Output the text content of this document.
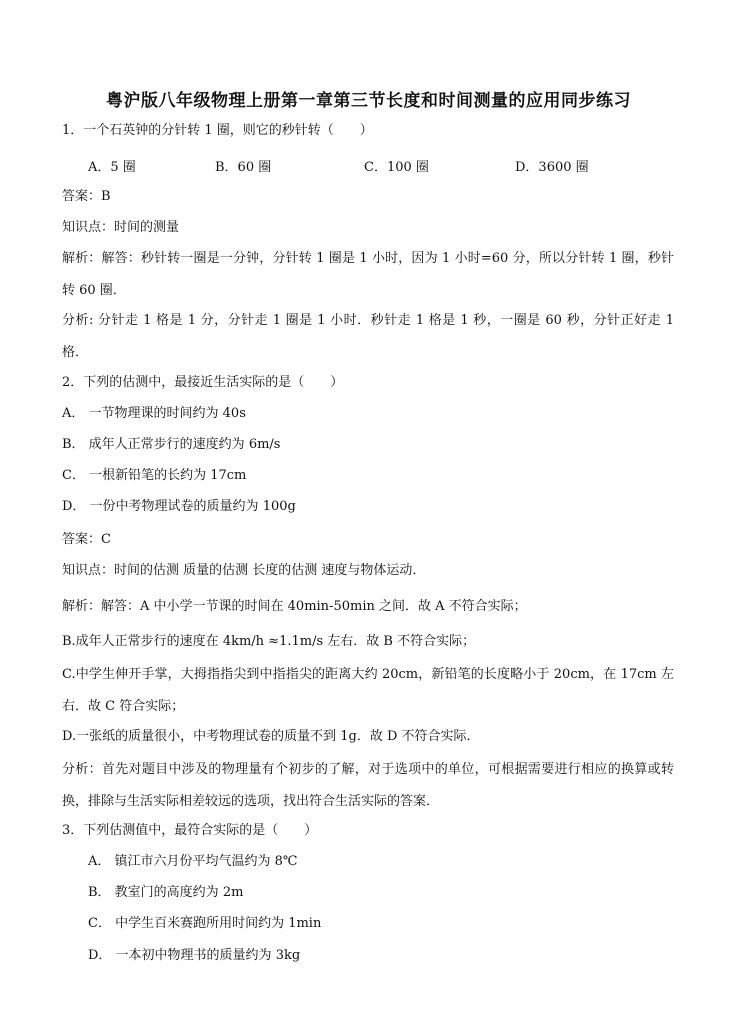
粤沪版八年级物理上册第一章第三节长度和时间测量的应用同步练习
1．一个石英钟的分针转 1 圈，则它的秒针转（　　）
A．5 圈	B．60 圈	C．100 圈	D．3600 圈
答案：B
知识点：时间的测量
解析：解答：秒针转一圈是一分钟，分针转 1 圈是 1 小时，因为 1 小时=60 分，所以分针转 1 圈，秒针转 60 圈．
分析: 分针走 1 格是 1 分，分针走 1 圈是 1 小时．秒针走 1 格是 1 秒，一圈是 60 秒，分针正好走 1 格．
2．下列的估测中，最接近生活实际的是（　　）
A． 一节物理课的时间约为 40s
B． 成年人正常步行的速度约为 6m/s
C． 一根新铅笔的长约为 17cm
D． 一份中考物理试卷的质量约为 100g
答案：C
知识点：时间的估测 质量的估测 长度的估测 速度与物体运动．
解析：解答：A 中小学一节课的时间在 40min-50min 之间．故 A 不符合实际；
B.成年人正常步行的速度在 4km/h ≈1.1m/s 左右．故 B 不符合实际；
C.中学生伸开手掌，大拇指指尖到中指指尖的距离大约 20cm，新铅笔的长度略小于 20cm，在 17cm 左右．故 C 符合实际；
D.一张纸的质量很小，中考物理试卷的质量不到 1g．故 D 不符合实际．
分析：首先对题目中涉及的物理量有个初步的了解，对于选项中的单位，可根据需要进行相应的换算或转换，排除与生活实际相差较远的选项，找出符合生活实际的答案．
3．下列估测值中，最符合实际的是（　　）
A． 镇江市六月份平均气温约为 8℃
B． 教室门的高度约为 2m
C． 中学生百米赛跑所用时间约为 1min
D． 一本初中物理书的质量约为 3kg
